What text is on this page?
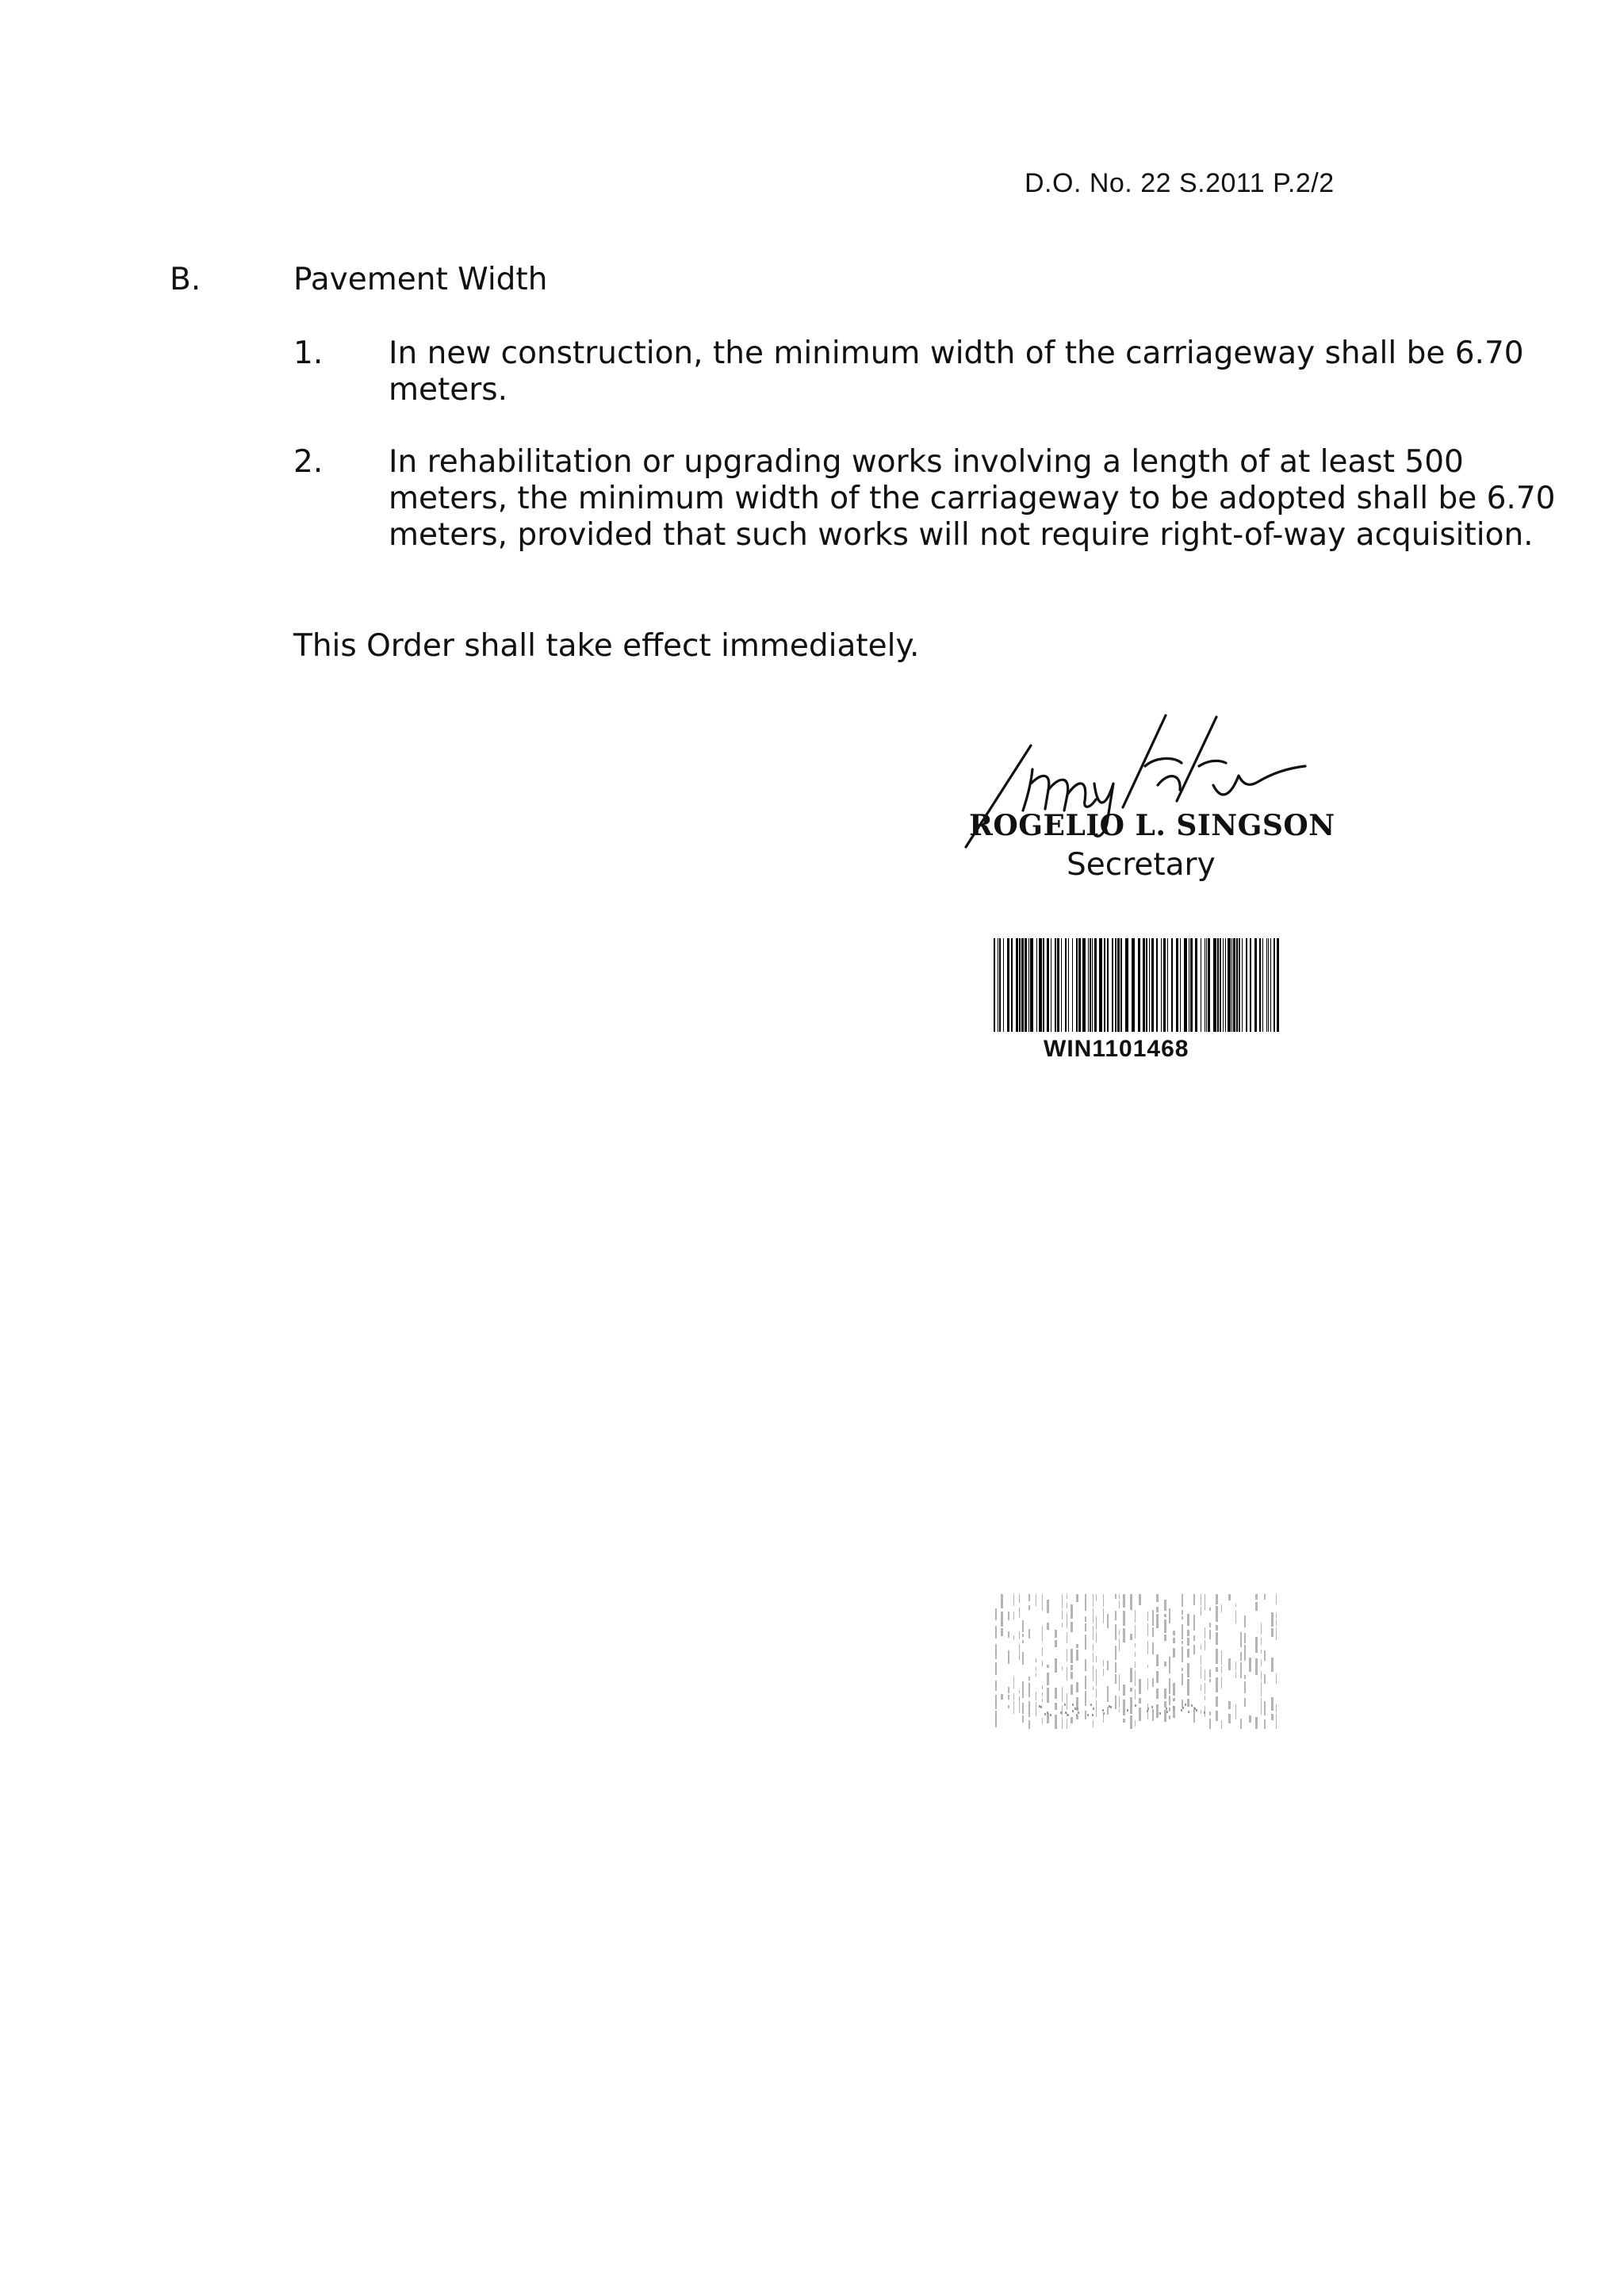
D.O. No. 22 S.2011 P.2/2
B.	Pavement Width
1. In new construction, the minimum width of the carriageway shall be 6.70
meters.
2. In rehabilitation or upgrading works involving a length of at least 500
meters, the minimum width of the carriageway to be adopted shall be 6.70
meters, provided that such works will not require right-of-way acquisition.
This Order shall take effect immediately.
ROGELIO L. SINGSON
Secretary
WIN1101468
